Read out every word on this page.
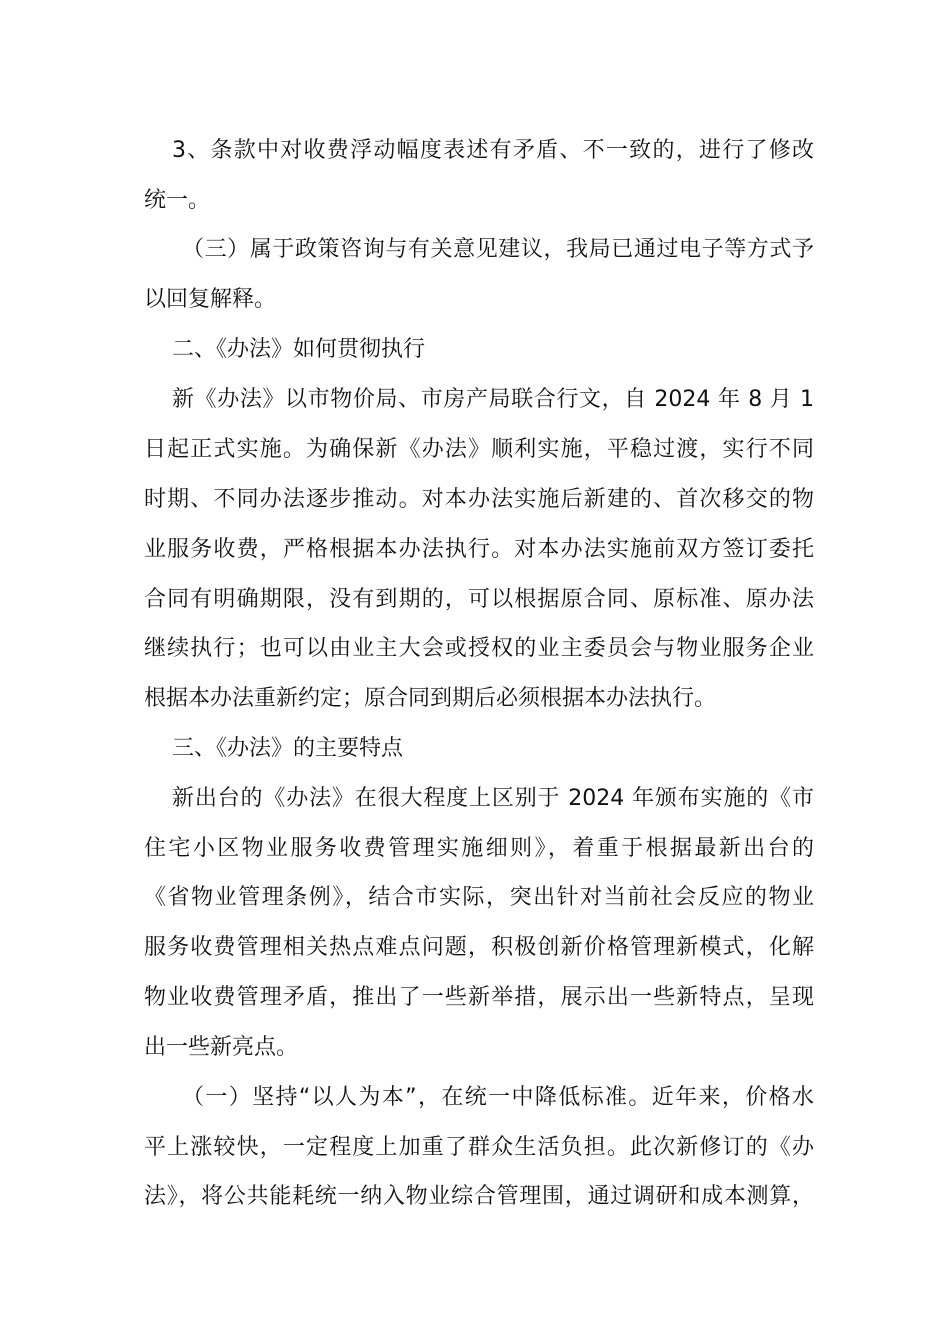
3、条款中对收费浮动幅度表述有矛盾、不一致的，进行了修改
统一。
（三）属于政策咨询与有关意见建议，我局已通过电子等方式予
以回复解释。
二、《办法》如何贯彻执行
新《办法》以市物价局、市房产局联合行文，自 2024 年 8 月 1
日起正式实施。为确保新《办法》顺利实施，平稳过渡，实行不同
时期、不同办法逐步推动。对本办法实施后新建的、首次移交的物
业服务收费，严格根据本办法执行。对本办法实施前双方签订委托
合同有明确期限，没有到期的，可以根据原合同、原标准、原办法
继续执行；也可以由业主大会或授权的业主委员会与物业服务企业
根据本办法重新约定；原合同到期后必须根据本办法执行。
三、《办法》的主要特点
新出台的《办法》在很大程度上区别于 2024 年颁布实施的《市
住宅小区物业服务收费管理实施细则》，着重于根据最新出台的
《省物业管理条例》，结合市实际，突出针对当前社会反应的物业
服务收费管理相关热点难点问题，积极创新价格管理新模式，化解
物业收费管理矛盾，推出了一些新举措，展示出一些新特点，呈现
出一些新亮点。
（一）坚持“以人为本”，在统一中降低标准。近年来，价格水
平上涨较快，一定程度上加重了群众生活负担。此次新修订的《办
法》，将公共能耗统一纳入物业综合管理围，通过调研和成本测算，
